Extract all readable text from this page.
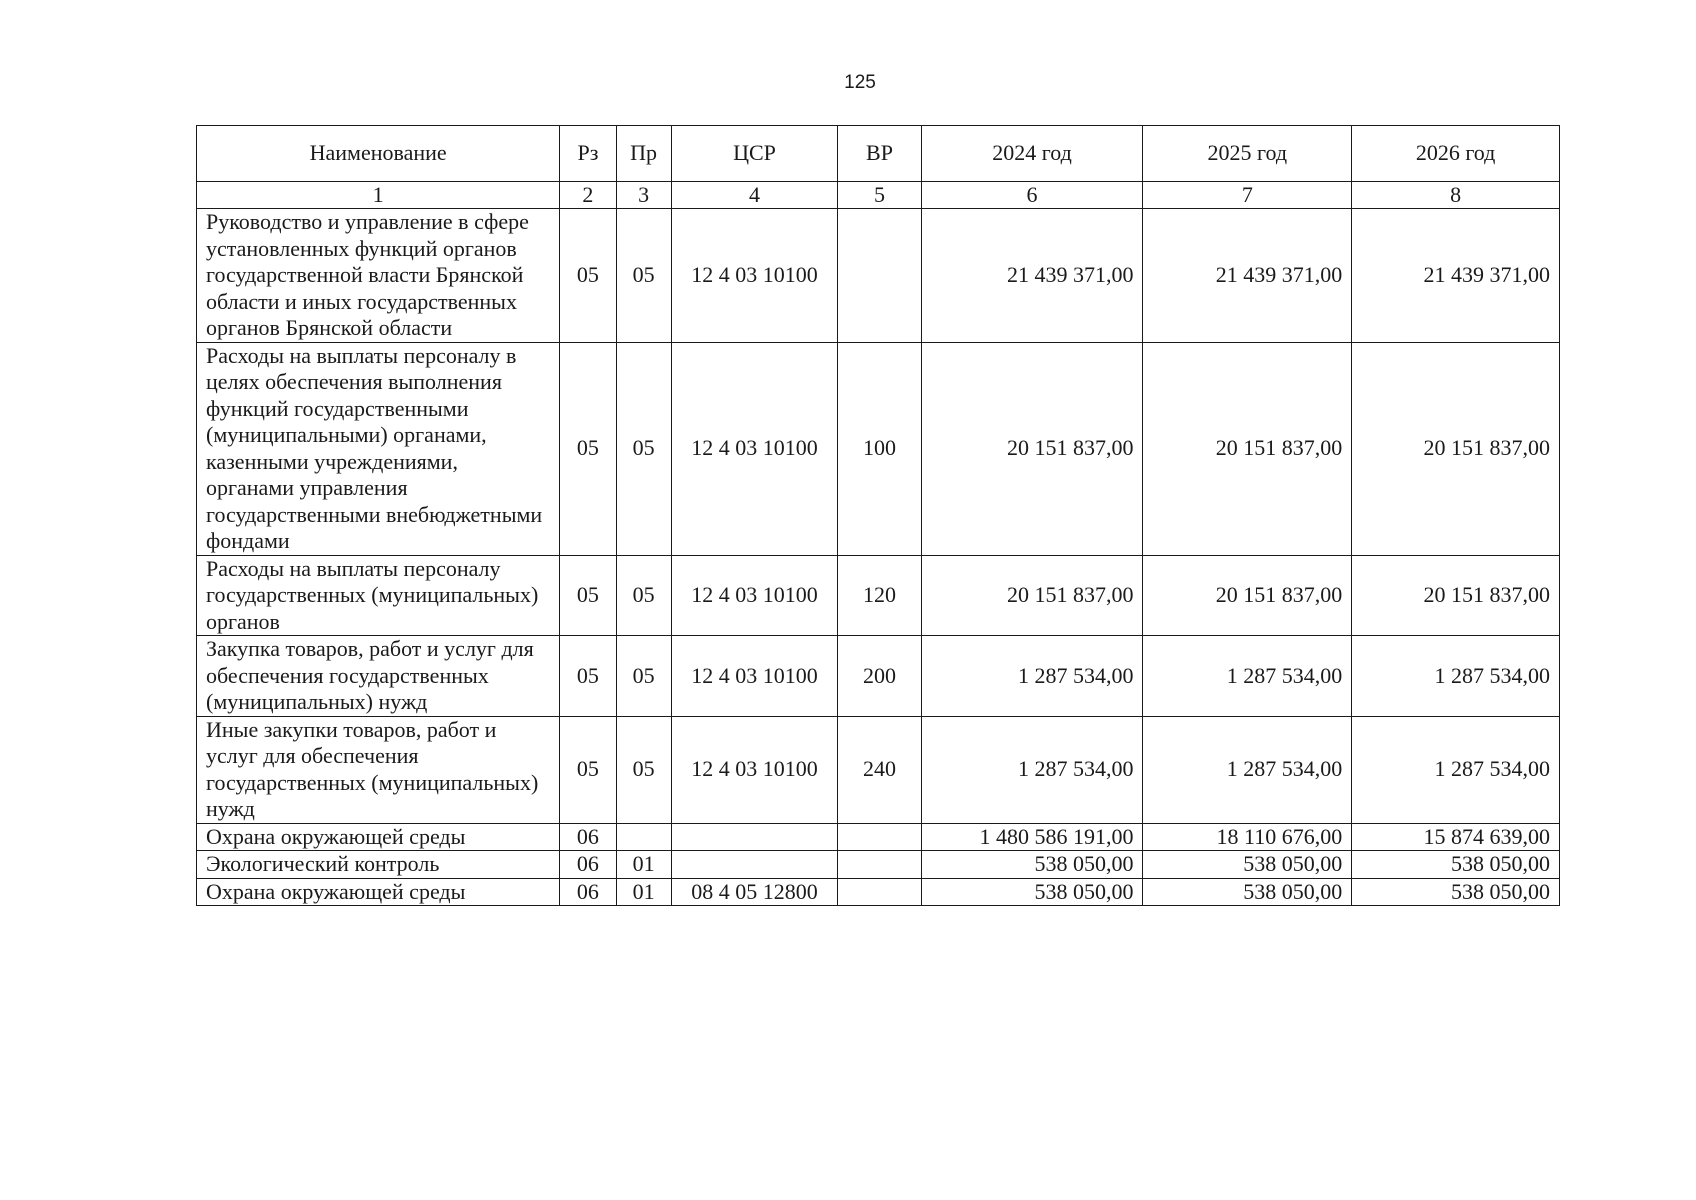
125
Наименование	Рз	Пр	ЦСР	ВР	2024 год	2025 год	2026 год
1	2	3	4	5	6	7	8
Руководство и управление в сфере установленных функций органов государственной власти Брянской области и иных государственных органов Брянской области	05	05	12 4 03 10100		21 439 371,00	21 439 371,00	21 439 371,00
Расходы на выплаты персоналу в целях обеспечения выполнения функций государственными (муниципальными) органами, казенными учреждениями, органами управления государственными внебюджетными фондами	05	05	12 4 03 10100	100	20 151 837,00	20 151 837,00	20 151 837,00
Расходы на выплаты персоналу государственных (муниципальных) органов	05	05	12 4 03 10100	120	20 151 837,00	20 151 837,00	20 151 837,00
Закупка товаров, работ и услуг для обеспечения государственных (муниципальных) нужд	05	05	12 4 03 10100	200	1 287 534,00	1 287 534,00	1 287 534,00
Иные закупки товаров, работ и услуг для обеспечения государственных (муниципальных) нужд	05	05	12 4 03 10100	240	1 287 534,00	1 287 534,00	1 287 534,00
Охрана окружающей среды	06				1 480 586 191,00	18 110 676,00	15 874 639,00
Экологический контроль	06	01			538 050,00	538 050,00	538 050,00
Охрана окружающей среды	06	01	08 4 05 12800		538 050,00	538 050,00	538 050,00
